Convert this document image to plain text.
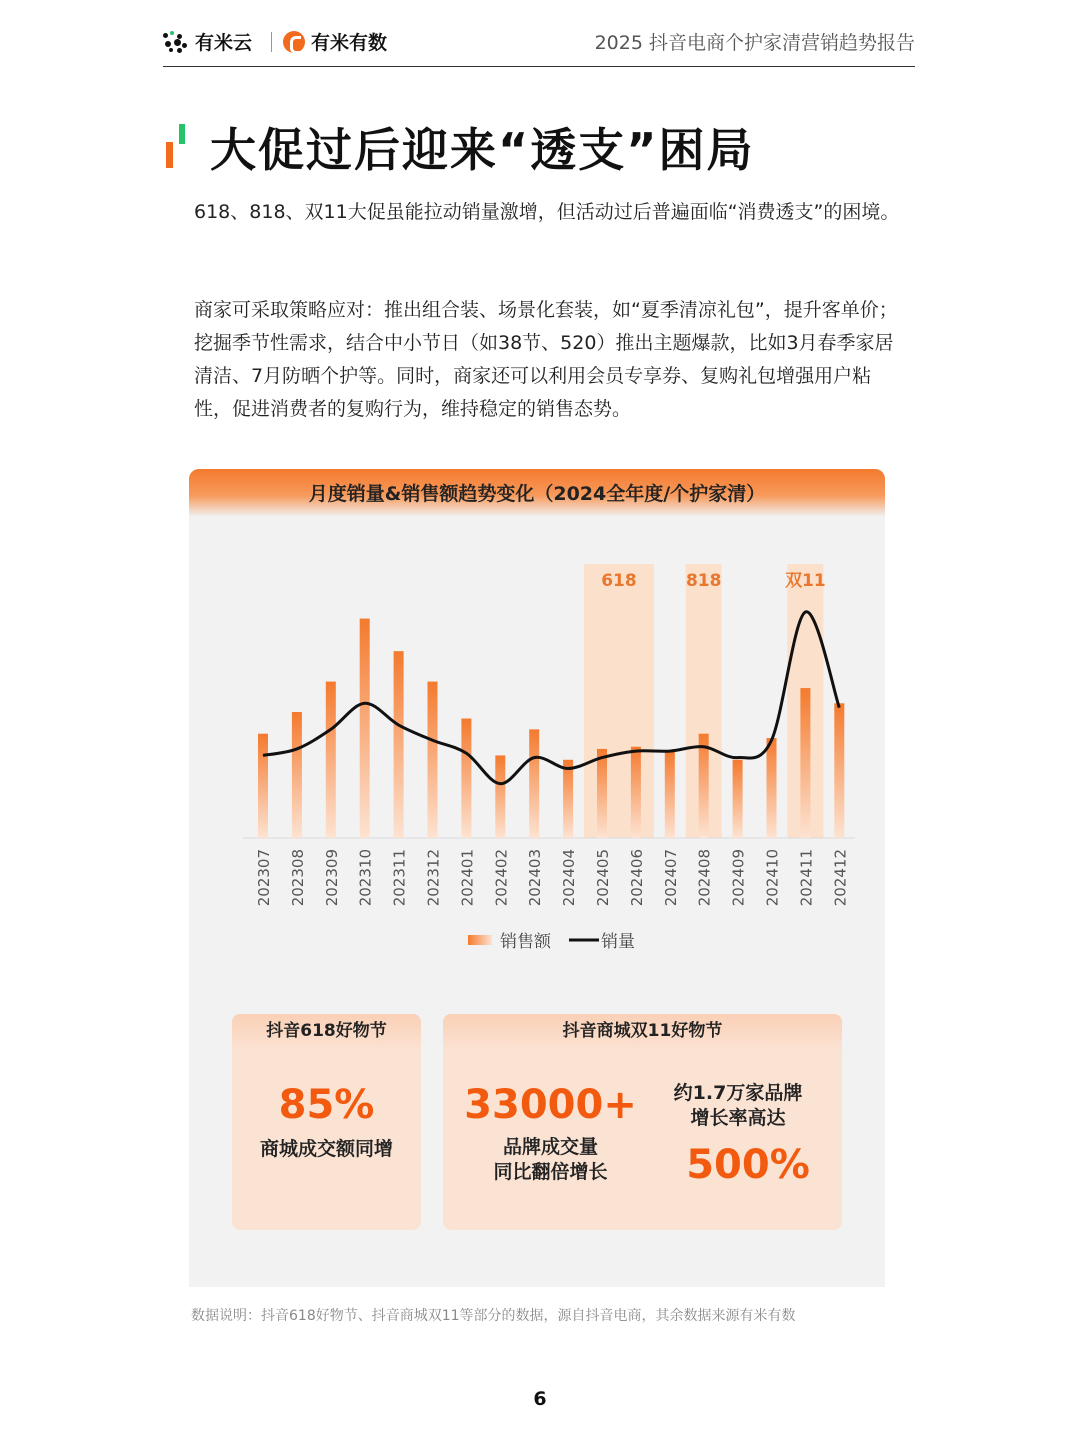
有米云	有米有数	2025 抖音电商个护家清营销趋势报告
大促过后迎来“透支”困局

618、818、双11大促虽能拉动销量激增，但活动过后普遍面临“消费透支”的困境。

商家可采取策略应对：推出组合装、场景化套装，如“夏季清凉礼包”，提升客单价；挖掘季节性需求，结合中小节日（如38节、520）推出主题爆款，比如3月春季家居清洁、7月防晒个护等。同时，商家还可以利用会员专享券、复购礼包增强用户粘性，促进消费者的复购行为，维持稳定的销售态势。

月度销量&销售额趋势变化（2024全年度/个护家清）
618	818	双11
202307 202308 202309 202310 202311 202312 202401 202402 202403 202404 202405 202406 202407 202408 202409 202410 202411 202412
销售额	销量
抖音618好物节
85%
商城成交额同增
抖音商城双11好物节
33000+
品牌成交量
同比翻倍增长
约1.7万家品牌
增长率高达
500%

数据说明：抖音618好物节、抖音商城双11等部分的数据，源自抖音电商，其余数据来源有米有数

6
